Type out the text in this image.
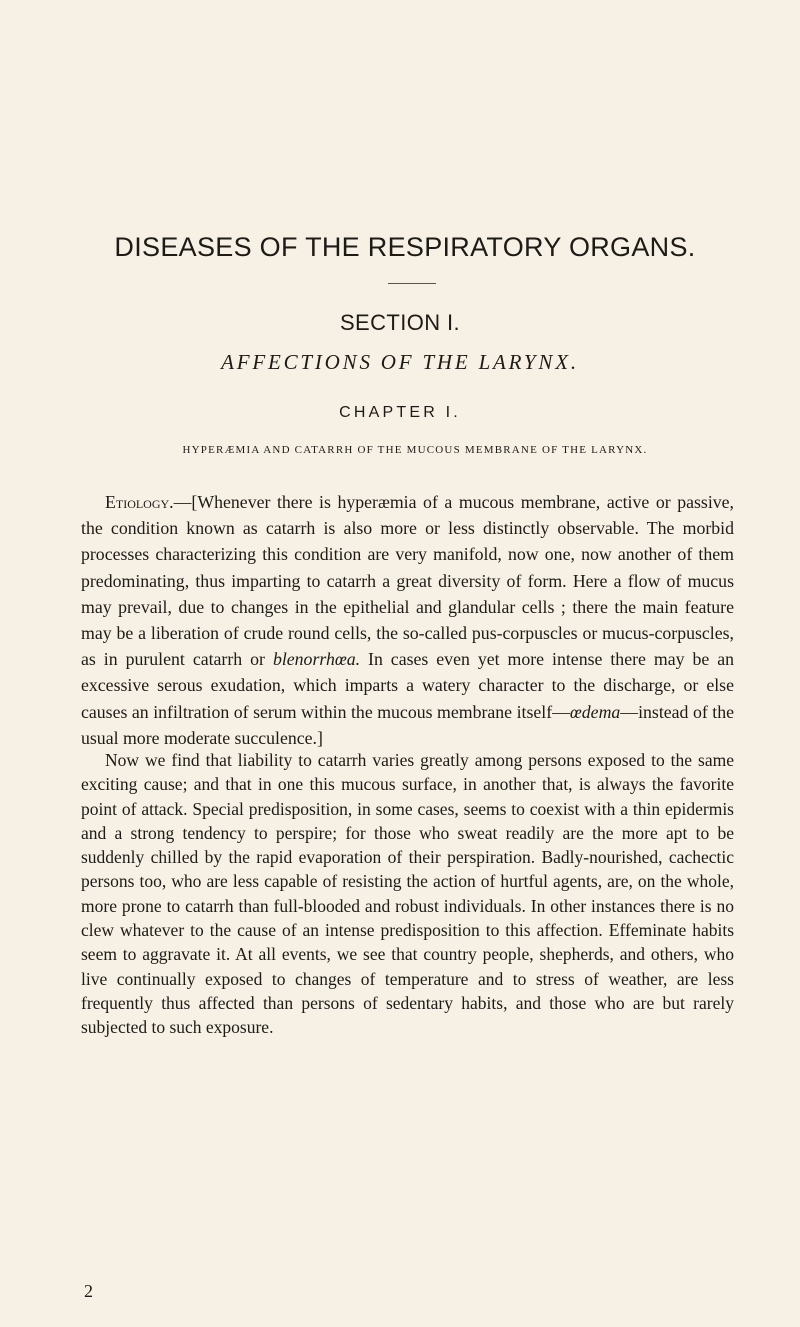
DISEASES OF THE RESPIRATORY ORGANS.
SECTION I.
AFFECTIONS OF THE LARYNX.
CHAPTER I.
HYPERÆMIA AND CATARRH OF THE MUCOUS MEMBRANE OF THE LARYNX.

Etiology.—[Whenever there is hyperæmia of a mucous membrane, active or passive, the condition known as catarrh is also more or less distinctly observable. The morbid processes characterizing this condition are very manifold, now one, now another of them predominating, thus imparting to catarrh a great diversity of form. Here a flow of mucus may prevail, due to changes in the epithelial and glandular cells ; there the main feature may be a liberation of crude round cells, the so-called pus-corpuscles or mucus-corpuscles, as in purulent catarrh or blenorrhœa. In cases even yet more intense there may be an excessive serous exudation, which imparts a watery character to the discharge, or else causes an infiltration of serum within the mucous membrane itself—œdema—instead of the usual more moderate succulence.]

Now we find that liability to catarrh varies greatly among persons exposed to the same exciting cause; and that in one this mucous surface, in another that, is always the favorite point of attack. Special predisposition, in some cases, seems to coexist with a thin epidermis and a strong tendency to perspire; for those who sweat readily are the more apt to be suddenly chilled by the rapid evaporation of their perspiration. Badly-nourished, cachectic persons too, who are less capable of resisting the action of hurtful agents, are, on the whole, more prone to catarrh than full-blooded and robust individuals. In other instances there is no clew whatever to the cause of an intense predisposition to this affection. Effeminate habits seem to aggravate it. At all events, we see that country people, shepherds, and others, who live continually exposed to changes of temperature and to stress of weather, are less frequently thus affected than persons of sedentary habits, and those who are but rarely subjected to such exposure.

2
